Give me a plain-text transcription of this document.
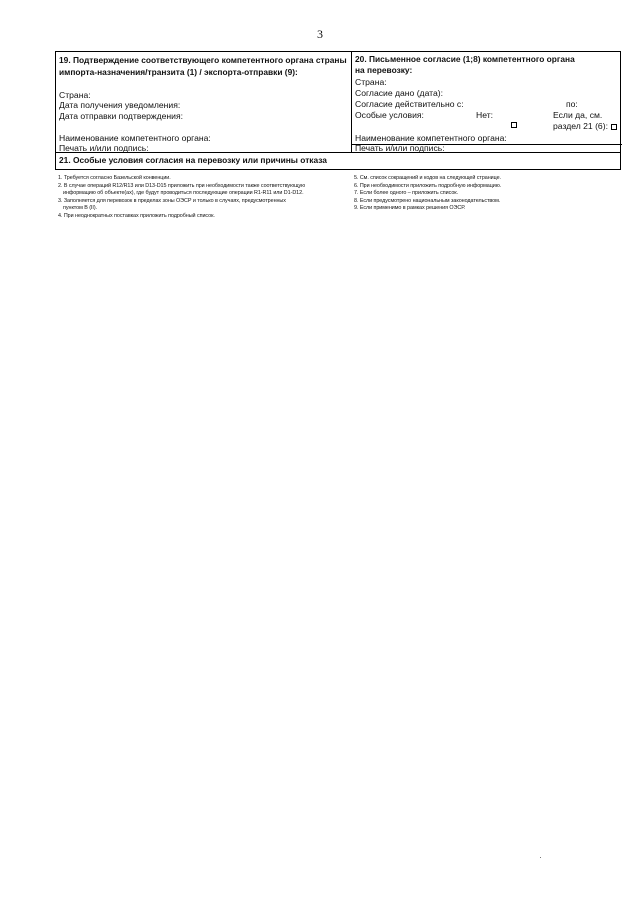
3
19. Подтверждение соответствующего компетентного органа страны
импорта-назначения/транзита (1) / экспорта-отправки (9):
Страна:
Дата получения уведомления:
Дата отправки подтверждения:
Наименование компетентного органа:
Печать и/или подпись:
20. Письменное согласие (1;8) компетентного органа
на перевозку:
Страна:
Согласие дано (дата):
Согласие действительно с:	по:
Особые условия:	Нет:	Если да, см.
раздел 21 (6):
Наименование компетентного органа:
Печать и/или подпись:
21. Особые условия согласия на перевозку или причины отказа
1. Требуется согласно Базельской конвенции.
2. В случае операций R12/R13 или D13-D15 приложить при необходимости также соответствующую
информацию об объекте(ах), где будут проводиться последующие операции R1-R11 или D1-D12.
3. Заполняется для перевозок в пределах зоны ОЭСР и только в случаях, предусмотренных
пунктом B (II).
4. При неоднократных поставках приложить подробный список.
5. См. список сокращений и кодов на следующей странице.
6. При необходимости приложить подробную информацию.
7. Если более одного – приложить список.
8. Если предусмотрено национальным законодательством.
9. Если применимо в рамках решения ОЭСР.
